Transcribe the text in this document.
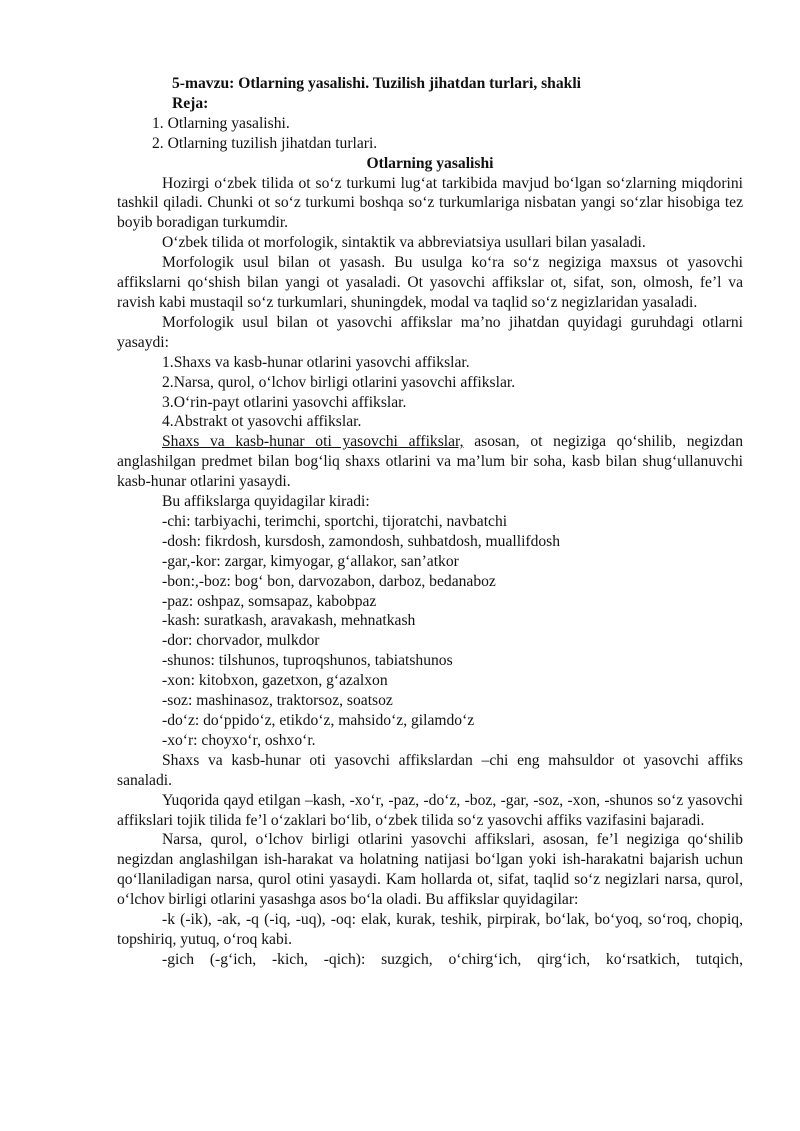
5-mavzu: Otlarning yasalishi. Tuzilish jihatdan turlari, shakli
Reja:
1. Otlarning yasalishi.
2. Otlarning tuzilish jihatdan turlari.
Otlarning yasalishi
Hozirgi oʻzbek tilida ot soʻz turkumi lugʻat tarkibida mavjud boʻlgan soʻzlarning miqdorini tashkil qiladi. Chunki ot soʻz turkumi boshqa soʻz turkumlariga nisbatan yangi soʻzlar hisobiga tez boyib boradigan turkumdir.
Oʻzbek tilida ot morfologik, sintaktik va abbreviatsiya usullari bilan yasaladi.
Morfologik usul bilan ot yasash. Bu usulga koʻra soʻz negiziga maxsus ot yasovchi affikslarni qoʻshish bilan yangi ot yasaladi. Ot yasovchi affikslar ot, sifat, son, olmosh, feʼl va ravish kabi mustaqil soʻz turkumlari, shuningdek, modal va taqlid soʻz negizlaridan yasaladi.
Morfologik usul bilan ot yasovchi affikslar maʼno jihatdan quyidagi guruhdagi otlarni yasaydi:
1.Shaxs va kasb-hunar otlarini yasovchi affikslar.
2.Narsa, qurol, oʻlchov birligi otlarini yasovchi affikslar.
3.Oʻrin-payt otlarini yasovchi affikslar.
4.Abstrakt ot yasovchi affikslar.
Shaxs va kasb-hunar oti yasovchi affikslar, asosan, ot negiziga qoʻshilib, negizdan anglashilgan predmet bilan bogʻliq shaxs otlarini va maʼlum bir soha, kasb bilan shugʻullanuvchi kasb-hunar otlarini yasaydi.
Bu affikslarga quyidagilar kiradi:
-chi: tarbiyachi, terimchi, sportchi, tijoratchi, navbatchi
-dosh: fikrdosh, kursdosh, zamondosh, suhbatdosh, muallifdosh
-gar,-kor: zargar, kimyogar, gʻallakor, sanʼatkor
-bon:,-boz: bogʻ bon, darvozabon, darboz, bedanaboz
-paz: oshpaz, somsapaz, kabobpaz
-kash: suratkash, aravakash, mehnatkash
-dor: chorvador, mulkdor
-shunos: tilshunos, tuproqshunos, tabiatshunos
-xon: kitobxon, gazetxon, gʻazalxon
-soz: mashinasoz, traktorsoz, soatsoz
-doʻz: doʻppidoʻz, etikdoʻz, mahsidoʻz, gilamdoʻz
-xoʻr: choyxoʻr, oshxoʻr.
Shaxs va kasb-hunar oti yasovchi affikslardan –chi eng mahsuldor ot yasovchi affiks sanaladi.
Yuqorida qayd etilgan –kash, -xoʻr, -paz, -doʻz, -boz, -gar, -soz, -xon, -shunos soʻz yasovchi affikslari tojik tilida feʼl oʻzaklari boʻlib, oʻzbek tilida soʻz yasovchi affiks vazifasini bajaradi.
Narsa, qurol, oʻlchov birligi otlarini yasovchi affikslari, asosan, feʼl negiziga qoʻshilib negizdan anglashilgan ish-harakat va holatning natijasi boʻlgan yoki ish-harakatni bajarish uchun qoʻllaniladigan narsa, qurol otini yasaydi. Kam hollarda ot, sifat, taqlid soʻz negizlari narsa, qurol, oʻlchov birligi otlarini yasashga asos boʻla oladi. Bu affikslar quyidagilar:
-k (-ik), -ak, -q (-iq, -uq), -oq: elak, kurak, teshik, pirpirak, boʻlak, boʻyoq, soʻroq, chopiq, topshiriq, yutuq, oʻroq kabi.
-gich (-gʻich, -kich, -qich): suzgich, oʻchirgʻich, qirgʻich, koʻrsatkich, tutqich,
